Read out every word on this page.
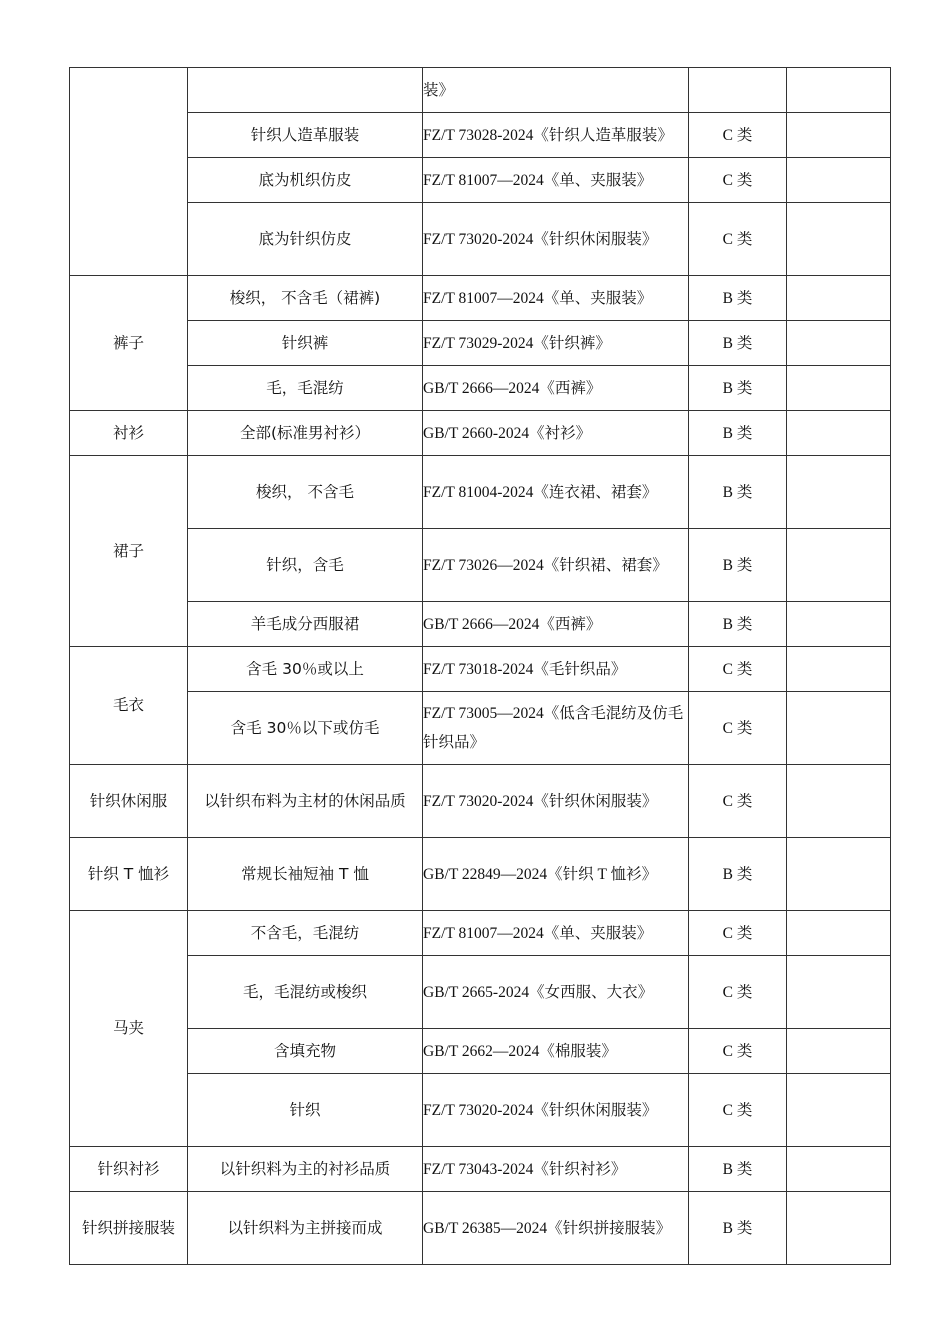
		装》		
	针织人造革服装	FZ/T 73028-2024《针织人造革服装》	C 类	
	底为机织仿皮	FZ/T 81007—2024《单、夹服装》	C 类	
	底为针织仿皮	FZ/T 73020-2024《针织休闲服装》	C 类	
裤子	梭织， 不含毛（裙裤)	FZ/T 81007—2024《单、夹服装》	B 类	
	针织裤	FZ/T 73029-2024《针织裤》	B 类	
	毛，毛混纺	GB/T 2666—2024《西裤》	B 类	
衬衫	全部(标准男衬衫）	GB/T 2660-2024《衬衫》	B 类	
裙子	梭织， 不含毛	FZ/T 81004-2024《连衣裙、裙套》	B 类	
	针织，含毛	FZ/T 73026—2024《针织裙、裙套》	B 类	
	羊毛成分西服裙	GB/T 2666—2024《西裤》	B 类	
毛衣	含毛 30％或以上	FZ/T 73018-2024《毛针织品》	C 类	
	含毛 30％以下或仿毛	FZ/T 73005—2024《低含毛混纺及仿毛针织品》	C 类	
针织休闲服	以针织布料为主材的休闲品质	FZ/T 73020-2024《针织休闲服装》	C 类	
针织 T 恤衫	常规长袖短袖 T 恤	GB/T 22849—2024《针织 T 恤衫》	B 类	
马夹	不含毛，毛混纺	FZ/T 81007—2024《单、夹服装》	C 类	
	毛，毛混纺或梭织	GB/T 2665-2024《女西服、大衣》	C 类	
	含填充物	GB/T 2662—2024《棉服装》	C 类	
	针织	FZ/T 73020-2024《针织休闲服装》	C 类	
针织衬衫	以针织料为主的衬衫品质	FZ/T 73043-2024《针织衬衫》	B 类	
针织拼接服装	以针织料为主拼接而成	GB/T 26385—2024《针织拼接服装》	B 类	
